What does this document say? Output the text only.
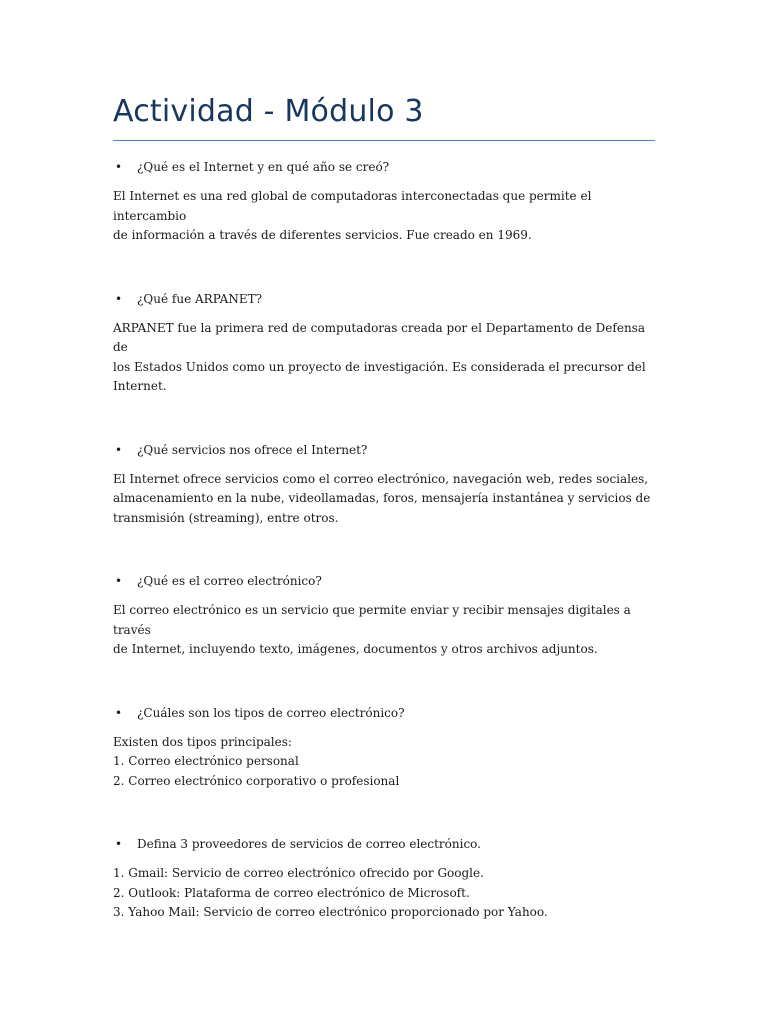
Actividad - Módulo 3
• ¿Qué es el Internet y en qué año se creó?

El Internet es una red global de computadoras interconectadas que permite el intercambio

de información a través de diferentes servicios. Fue creado en 1969.

• ¿Qué fue ARPANET?

ARPANET fue la primera red de computadoras creada por el Departamento de Defensa de

los Estados Unidos como un proyecto de investigación. Es considerada el precursor del

Internet.

• ¿Qué servicios nos ofrece el Internet?

El Internet ofrece servicios como el correo electrónico, navegación web, redes sociales,

almacenamiento en la nube, videollamadas, foros, mensajería instantánea y servicios de

transmisión (streaming), entre otros.

• ¿Qué es el correo electrónico?

El correo electrónico es un servicio que permite enviar y recibir mensajes digitales a través

de Internet, incluyendo texto, imágenes, documentos y otros archivos adjuntos.

• ¿Cuáles son los tipos de correo electrónico?

Existen dos tipos principales:

1. Correo electrónico personal

2. Correo electrónico corporativo o profesional

• Defina 3 proveedores de servicios de correo electrónico.

1. Gmail: Servicio de correo electrónico ofrecido por Google.

2. Outlook: Plataforma de correo electrónico de Microsoft.

3. Yahoo Mail: Servicio de correo electrónico proporcionado por Yahoo.
